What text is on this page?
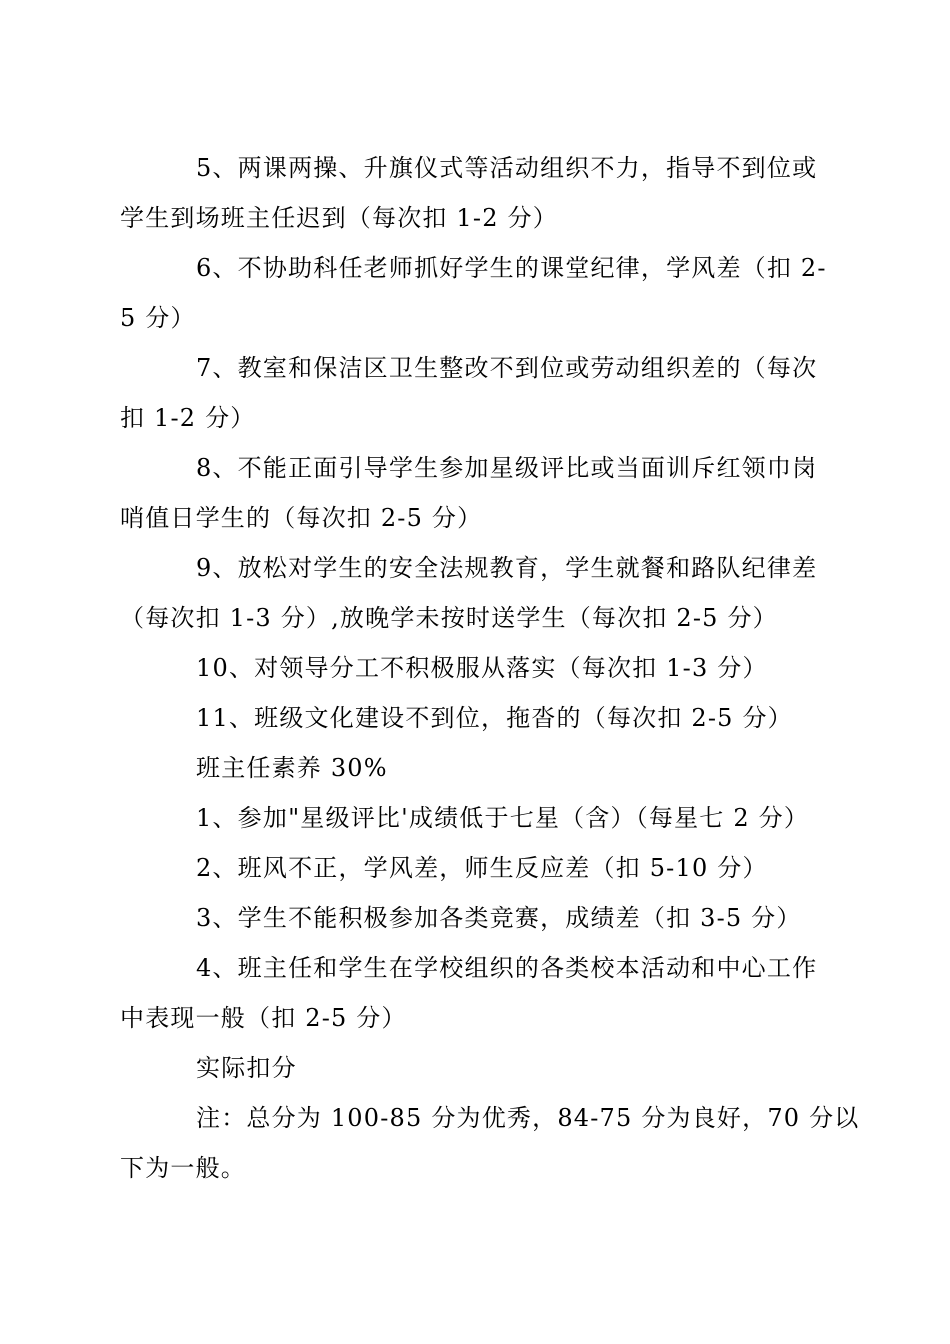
5、两课两操、升旗仪式等活动组织不力，指导不到位或
学生到场班主任迟到（每次扣 1-2 分）
6、不协助科任老师抓好学生的课堂纪律，学风差（扣 2-
5 分）
7、教室和保洁区卫生整改不到位或劳动组织差的（每次
扣 1-2 分）
8、不能正面引导学生参加星级评比或当面训斥红领巾岗
哨值日学生的（每次扣 2-5 分）
9、放松对学生的安全法规教育，学生就餐和路队纪律差
（每次扣 1-3 分）,放晚学未按时送学生（每次扣 2-5 分）
10、对领导分工不积极服从落实（每次扣 1-3 分）
11、班级文化建设不到位，拖沓的（每次扣 2-5 分）
班主任素养 30%
1、参加"星级评比'成绩低于七星（含）（每星七 2 分）
2、班风不正，学风差，师生反应差（扣 5-10 分）
3、学生不能积极参加各类竞赛，成绩差（扣 3-5 分）
4、班主任和学生在学校组织的各类校本活动和中心工作
中表现一般（扣 2-5 分）
实际扣分
注：总分为 100-85 分为优秀，84-75 分为良好，70 分以
下为一般。
